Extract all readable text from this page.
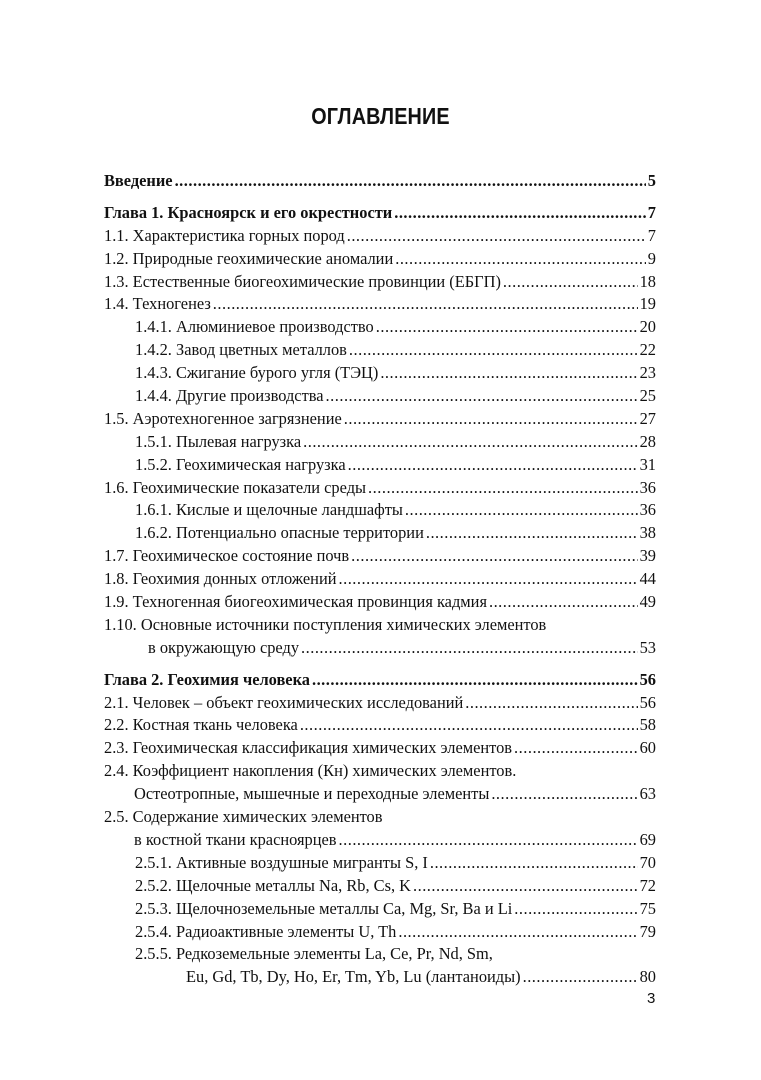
ОГЛАВЛЕНИЕ
Введение .....	5
Глава 1. Красноярск и его окрестности .....	7
1.1. Характеристика горных пород .....	7
1.2. Природные геохимические аномалии .....	9
1.3. Естественные биогеохимические провинции (ЕБГП) .....	18
1.4. Техногенез .....	19
1.4.1. Алюминиевое производство .....	20
1.4.2. Завод цветных металлов .....	22
1.4.3. Сжигание бурого угля (ТЭЦ) .....	23
1.4.4. Другие производства .....	25
1.5. Аэротехногенное загрязнение .....	27
1.5.1. Пылевая нагрузка .....	28
1.5.2. Геохимическая нагрузка .....	31
1.6. Геохимические показатели среды .....	36
1.6.1. Кислые и щелочные ландшафты .....	36
1.6.2. Потенциально опасные территории .....	38
1.7. Геохимическое состояние почв .....	39
1.8. Геохимия донных отложений .....	44
1.9. Техногенная биогеохимическая провинция кадмия .....	49
1.10. Основные источники поступления химических элементов
в окружающую среду .....	53
Глава 2. Геохимия человека .....	56
2.1. Человек – объект геохимических исследований .....	56
2.2. Костная ткань человека .....	58
2.3. Геохимическая классификация химических элементов .....	60
2.4. Коэффициент накопления (Кн) химических элементов.
Остеотропные, мышечные и переходные элементы .....	63
2.5. Содержание химических элементов
в костной ткани красноярцев .....	69
2.5.1. Активные воздушные мигранты S, I .....	70
2.5.2. Щелочные металлы Na, Rb, Cs, K .....	72
2.5.3. Щелочноземельные металлы Ca, Mg, Sr, Ba и Li .....	75
2.5.4. Радиоактивные элементы U, Th .....	79
2.5.5. Редкоземельные элементы La, Ce, Pr, Nd, Sm,
Eu, Gd, Tb, Dy, Ho, Er, Tm, Yb, Lu (лантаноиды) .....	80
3
